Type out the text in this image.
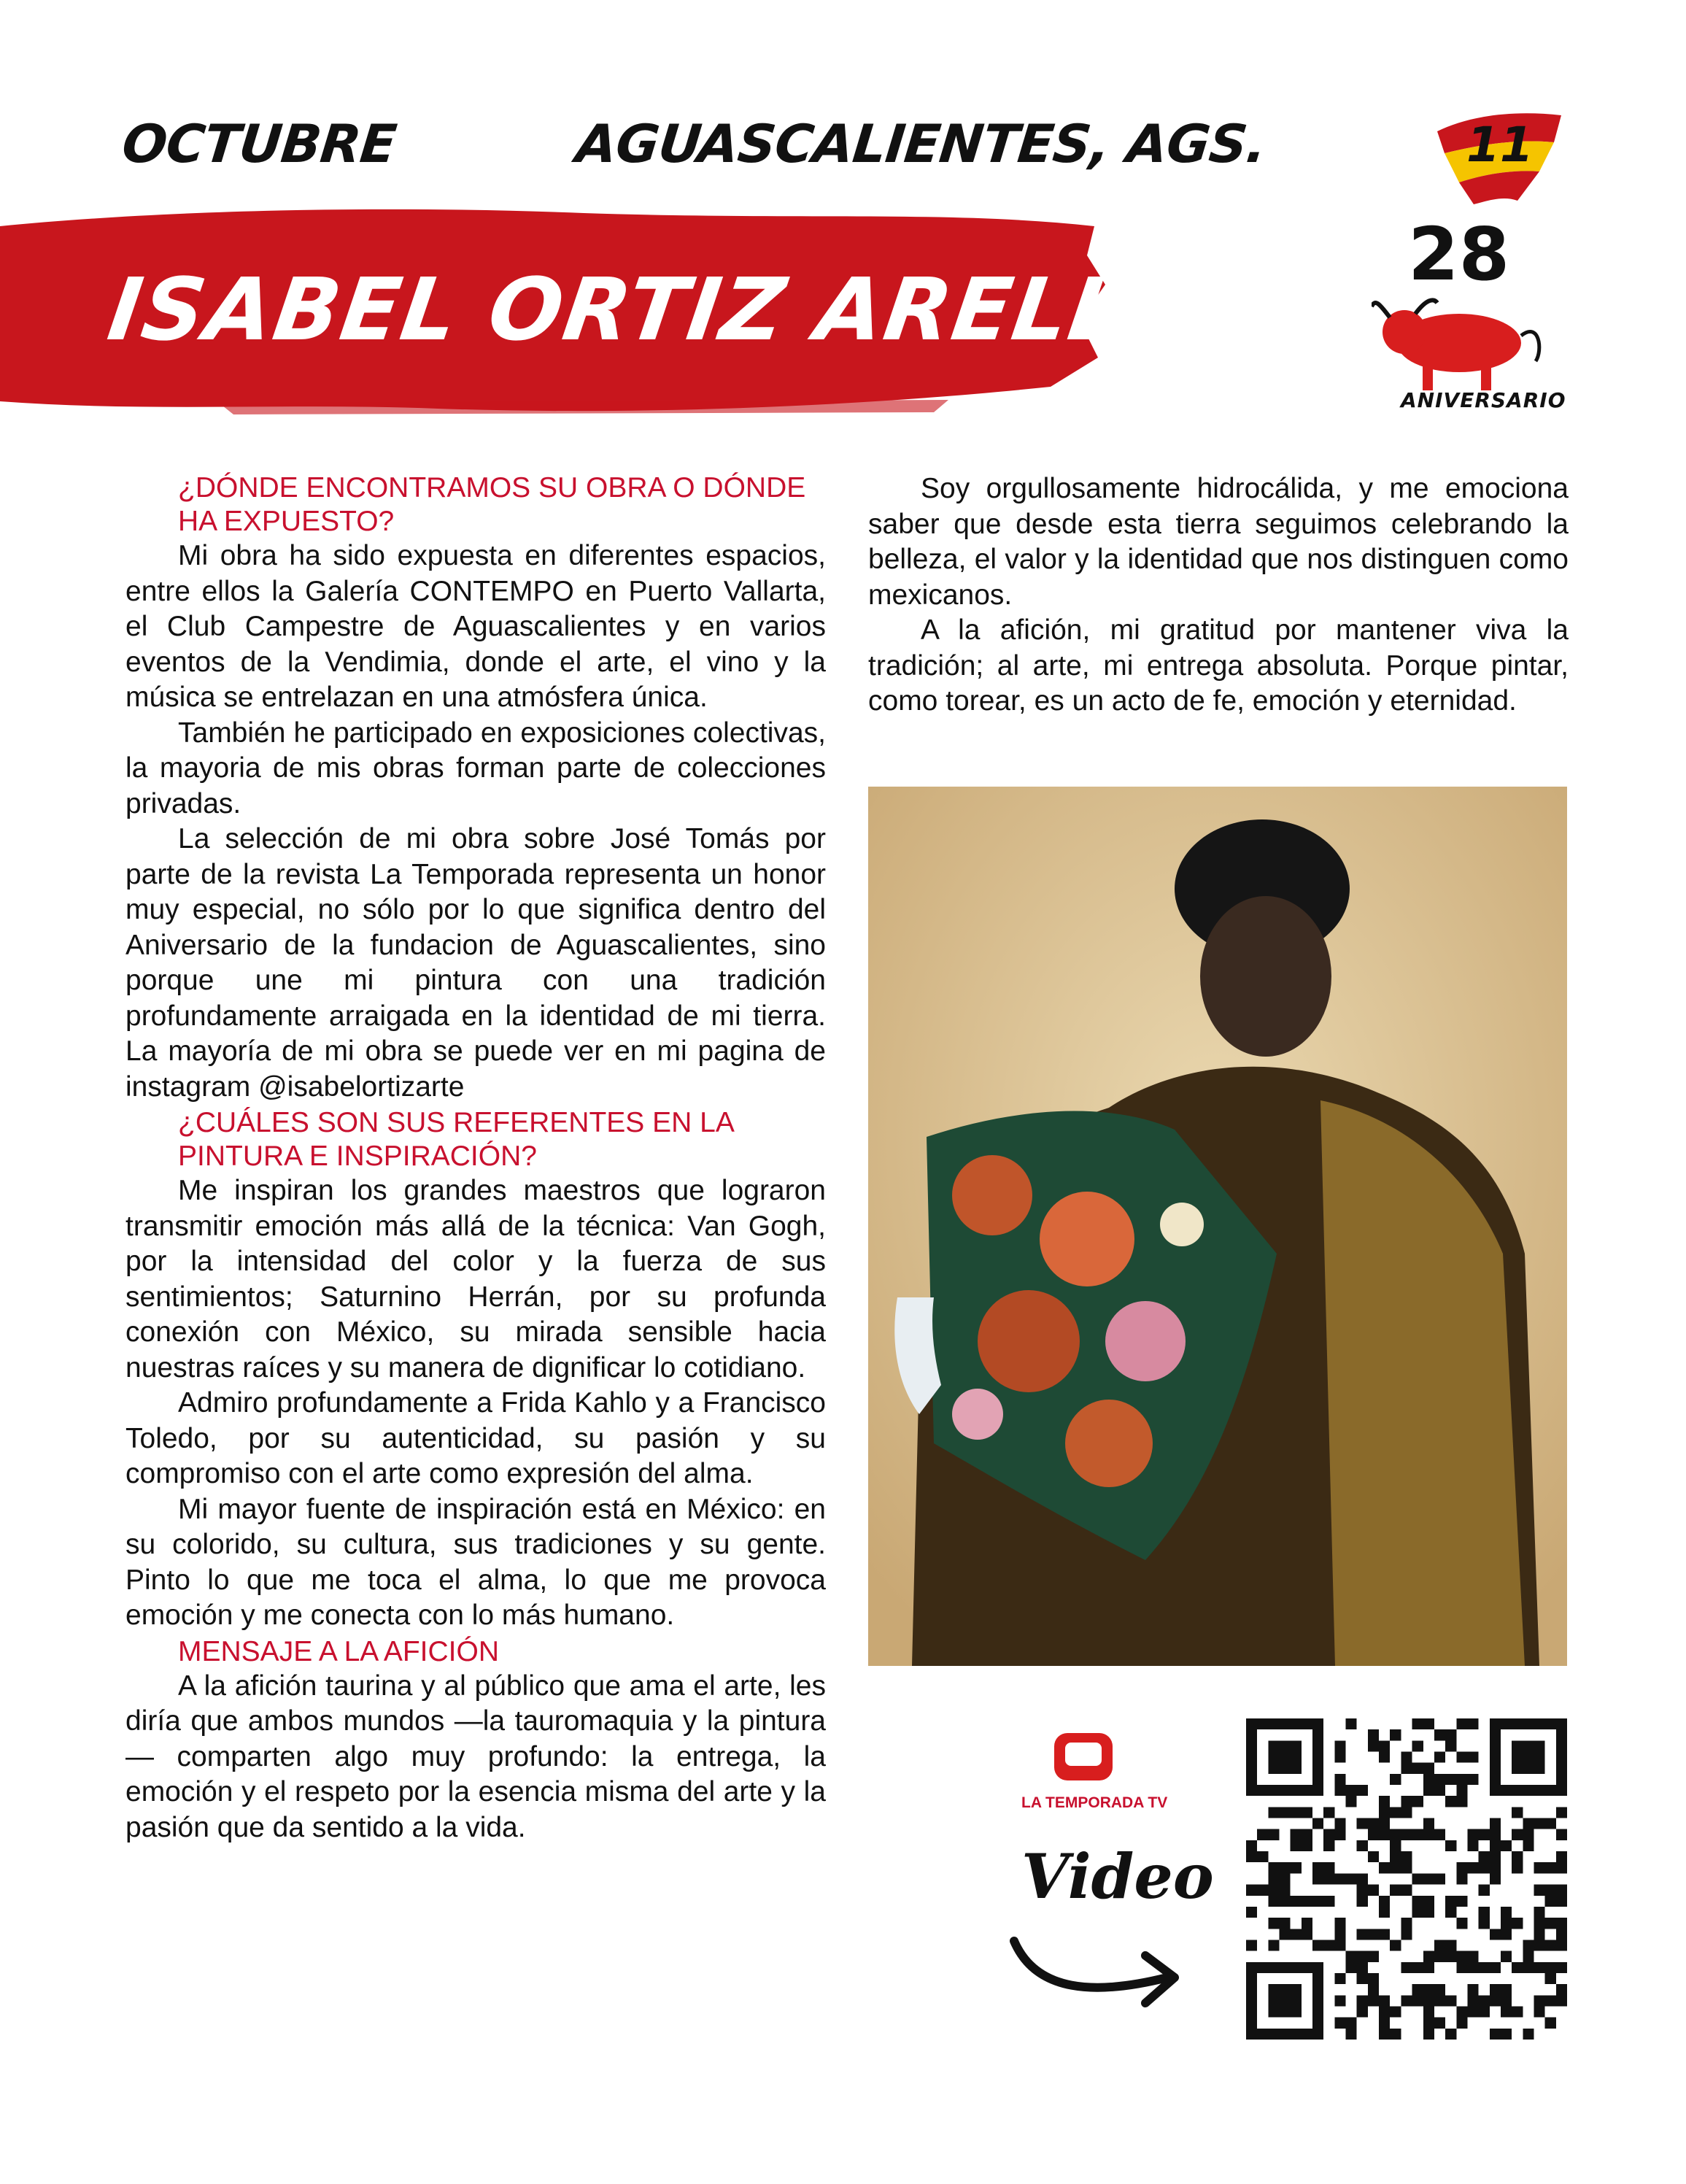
OCTUBRE	AGUASCALIENTES, AGS.	11
ISABEL ORTIZ ARELLANO
28
ANIVERSARIO
¿DÓNDE ENCONTRAMOS SU OBRA O DÓNDE HA EXPUESTO?

Mi obra ha sido expuesta en diferentes espacios, entre ellos la Galería CONTEMPO en Puerto Vallarta, el Club Campestre de Aguascalientes y en varios eventos de la Vendimia, donde el arte, el vino y la música se entrelazan en una atmósfera única.

También he participado en exposiciones colectivas, la mayoria de mis obras forman parte de colecciones privadas.

La selección de mi obra sobre José Tomás por parte de la revista La Temporada representa un honor muy especial, no sólo por lo que significa dentro del Aniversario de la fundacion de Aguascalientes, sino porque une mi pintura con una tradición profundamente arraigada en la identidad de mi tierra. La mayoría de mi obra se puede ver en mi pagina de instagram @isabelortizarte

¿CUÁLES SON SUS REFERENTES EN LA PINTURA E INSPIRACIÓN?

Me inspiran los grandes maestros que lograron transmitir emoción más allá de la técnica: Van Gogh, por la intensidad del color y la fuerza de sus sentimientos; Saturnino Herrán, por su profunda conexión con México, su mirada sensible hacia nuestras raíces y su manera de dignificar lo cotidiano.

Admiro profundamente a Frida Kahlo y a Francisco Toledo, por su autenticidad, su pasión y su compromiso con el arte como expresión del alma.

Mi mayor fuente de inspiración está en México: en su colorido, su cultura, sus tradiciones y su gente. Pinto lo que me toca el alma, lo que me provoca emoción y me conecta con lo más humano.

MENSAJE A LA AFICIÓN

A la afición taurina y al público que ama el arte, les diría que ambos mundos —la tauromaquia y la pintura— comparten algo muy profundo: la entrega, la emoción y el respeto por la esencia misma del arte y la pasión que da sentido a la vida.

Soy orgullosamente hidrocálida, y me emociona saber que desde esta tierra seguimos celebrando la belleza, el valor y la identidad que nos distinguen como mexicanos.

A la afición, mi gratitud por mantener viva la tradición; al arte, mi entrega absoluta. Porque pintar, como torear, es un acto de fe, emoción y eternidad.

LA TEMPORADA TV
Video
